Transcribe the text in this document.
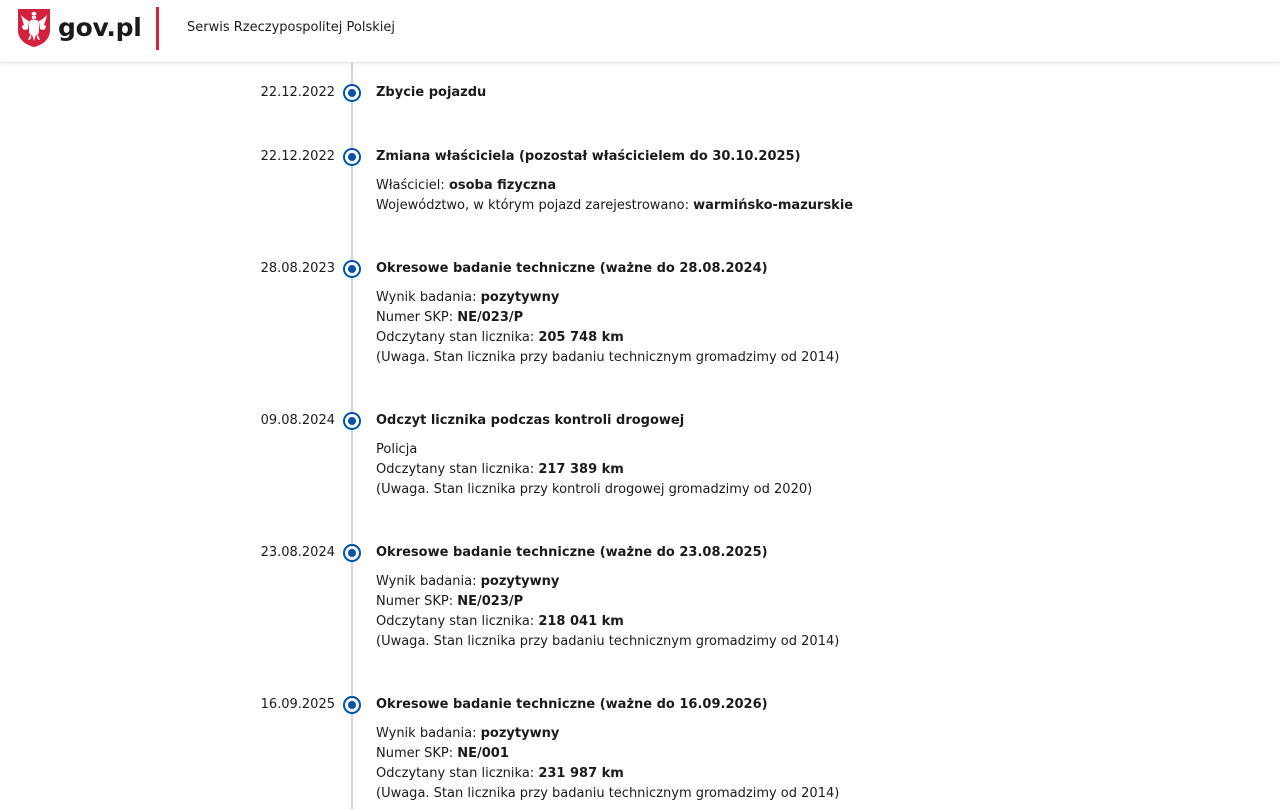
gov.pl	Serwis Rzeczypospolitej Polskiej
22.12.2022	Zbycie pojazdu
22.12.2022	Zmiana właściciela (pozostał właścicielem do 30.10.2025)
Właściciel: osoba fizyczna
Województwo, w którym pojazd zarejestrowano: warmińsko-mazurskie
28.08.2023	Okresowe badanie techniczne (ważne do 28.08.2024)
Wynik badania: pozytywny
Numer SKP: NE/023/P
Odczytany stan licznika: 205 748 km
(Uwaga. Stan licznika przy badaniu technicznym gromadzimy od 2014)
09.08.2024	Odczyt licznika podczas kontroli drogowej
Policja
Odczytany stan licznika: 217 389 km
(Uwaga. Stan licznika przy kontroli drogowej gromadzimy od 2020)
23.08.2024	Okresowe badanie techniczne (ważne do 23.08.2025)
Wynik badania: pozytywny
Numer SKP: NE/023/P
Odczytany stan licznika: 218 041 km
(Uwaga. Stan licznika przy badaniu technicznym gromadzimy od 2014)
16.09.2025	Okresowe badanie techniczne (ważne do 16.09.2026)
Wynik badania: pozytywny
Numer SKP: NE/001
Odczytany stan licznika: 231 987 km
(Uwaga. Stan licznika przy badaniu technicznym gromadzimy od 2014)
